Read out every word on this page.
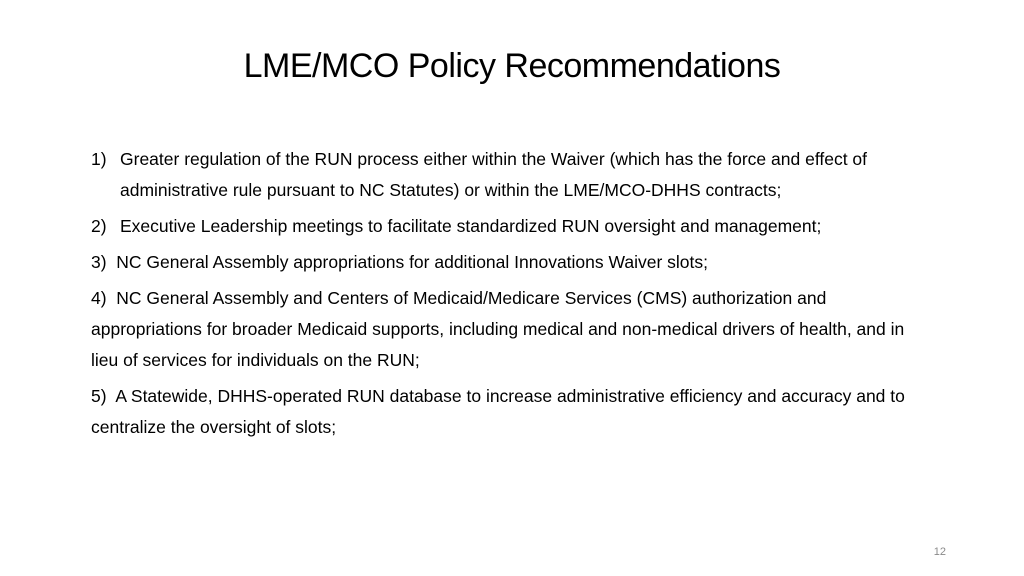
LME/MCO Policy Recommendations
1) Greater regulation of the RUN process either within the Waiver (which has the force and effect of administrative rule pursuant to NC Statutes) or within the LME/MCO-DHHS contracts;
2) Executive Leadership meetings to facilitate standardized RUN oversight and management;
3) NC General Assembly appropriations for additional Innovations Waiver slots;
4) NC General Assembly and Centers of Medicaid/Medicare Services (CMS) authorization and appropriations for broader Medicaid supports, including medical and non-medical drivers of health, and in lieu of services for individuals on the RUN;
5) A Statewide, DHHS-operated RUN database to increase administrative efficiency and accuracy and to centralize the oversight of slots;
12
